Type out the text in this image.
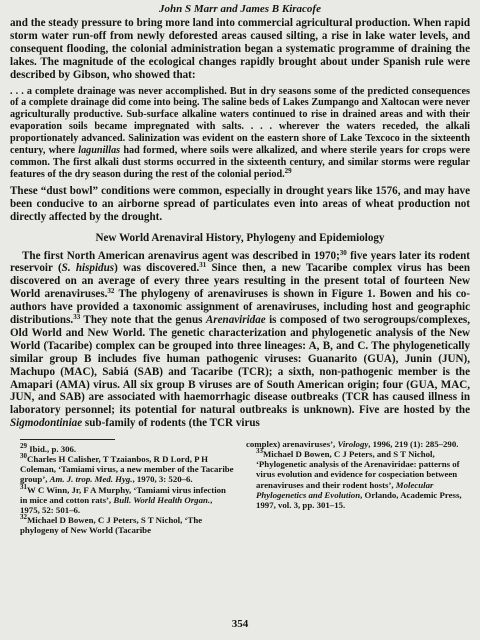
John S Marr and James B Kiracofe

and the steady pressure to bring more land into commercial agricultural production. When rapid storm water run-off from newly deforested areas caused silting, a rise in lake water levels, and consequent flooding, the colonial administration began a systematic programme of draining the lakes. The magnitude of the ecological changes rapidly brought about under Spanish rule were described by Gibson, who showed that:

. . . a complete drainage was never accomplished. But in dry seasons some of the predicted consequences of a complete drainage did come into being. The saline beds of Lakes Zumpango and Xaltocan were never agriculturally productive. Sub-surface alkaline waters continued to rise in drained areas and with their evaporation soils became impregnated with salts. . . . wherever the waters receded, the alkali proportionately advanced. Salinization was evident on the eastern shore of Lake Texcoco in the sixteenth century, where lagunillas had formed, where soils were alkalized, and where sterile years for crops were common. The first alkali dust storms occurred in the sixteenth century, and similar storms were regular features of the dry season during the rest of the colonial period.$^{29}$

These “dust bowl” conditions were common, especially in drought years like 1576, and may have been conducive to an airborne spread of particulates even into areas of wheat production not directly affected by the drought.

New World Arenaviral History, Phylogeny and Epidemiology

The first North American arenavirus agent was described in 1970;$^{30}$ five years later its rodent reservoir (S. hispidus) was discovered.$^{31}$ Since then, a new Tacaribe complex virus has been discovered on an average of every three years resulting in the present total of fourteen New World arenaviruses.$^{32}$ The phylogeny of arenaviruses is shown in Figure 1. Bowen and his co-authors have provided a taxonomic assignment of arenaviruses, including host and geographic distributions.$^{33}$ They note that the genus Arenaviridae is composed of two serogroups/complexes, Old World and New World. The genetic characterization and phylogenetic analysis of the New World (Tacaribe) complex can be grouped into three lineages: A, B, and C. The phylogenetically similar group B includes five human pathogenic viruses: Guanarito (GUA), Junin (JUN), Machupo (MAC), Sabiá (SAB) and Tacaribe (TCR); a sixth, non-pathogenic member is the Amapari (AMA) virus. All six group B viruses are of South American origin; four (GUA, MAC, JUN, and SAB) are associated with haemorrhagic disease outbreaks (TCR has caused illness in laboratory personnel; its potential for natural outbreaks is unknown). Five are hosted by the Sigmodontiniae sub-family of rodents (the TCR virus

$^{29}$ Ibid., p. 306.

$^{30}$Charles H Calisher, T Tzaianbos, R D Lord, P H Coleman, ‘Tamiami virus, a new member of the Tacaribe group’, Am. J. trop. Med. Hyg., 1970, 3: 520–6.

$^{31}$W C Winn, Jr, F A Murphy, ‘Tamiami virus infection in mice and cotton rats’, Bull. World Health Organ., 1975, 52: 501–6.

$^{32}$Michael D Bowen, C J Peters, S T Nichol, ‘The phylogeny of New World (Tacaribe

complex) arenaviruses’, Virology, 1996, 219 (1): 285–290.

$^{33}$Michael D Bowen, C J Peters, and S T Nichol, ‘Phylogenetic analysis of the Arenaviridae: patterns of virus evolution and evidence for cospeciation between arenaviruses and their rodent hosts’, Molecular Phylogenetics and Evolution, Orlando, Academic Press, 1997, vol. 3, pp. 301–15.

354
